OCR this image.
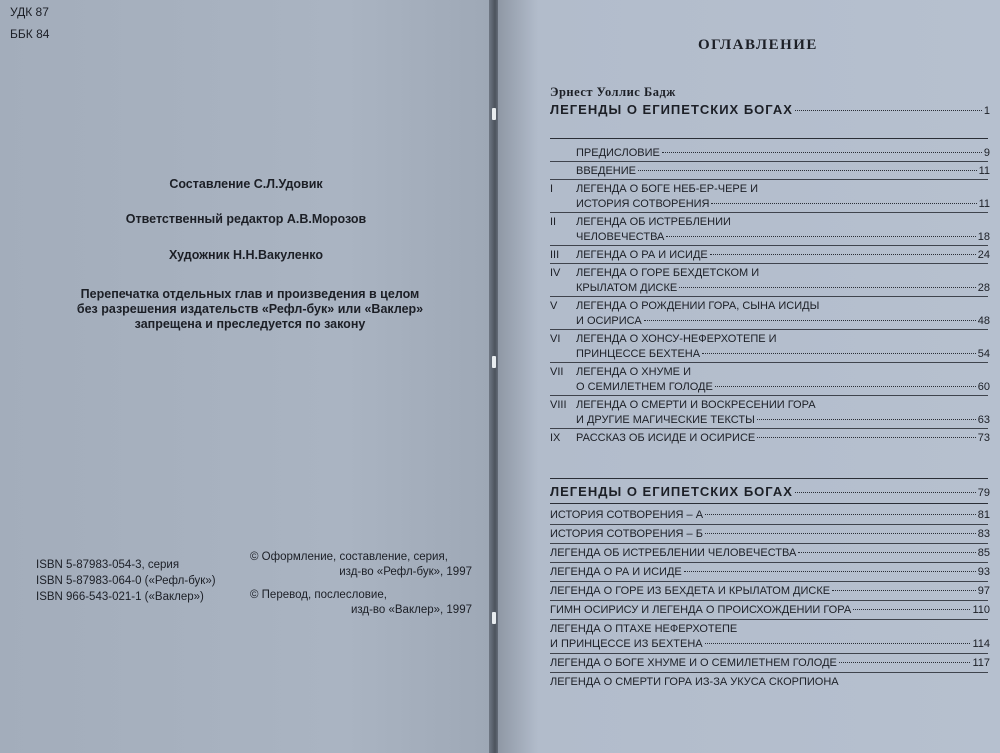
УДК 87
ББК 84
Составление С.Л.Удовик
Ответственный редактор А.В.Морозов
Художник Н.Н.Вакуленко
Перепечатка отдельных глав и произведения в целом
без разрешения издательств «Рефл-бук» или «Ваклер»
запрещена и преследуется по закону
ISBN 5-87983-054-3, серия
ISBN 5-87983-064-0 («Рефл-бук»)
ISBN 966-543-021-1 («Ваклер»)
© Оформление, составление, серия,
изд-во «Рефл-бук», 1997
© Перевод, послесловие,
изд-во «Ваклер», 1997
ОГЛАВЛЕНИЕ
Эрнест Уоллис Бадж
ЛЕГЕНДЫ О ЕГИПЕТСКИХ БОГАХ	1
ЛЕГЕНДЫ О ЕГИПЕТСКИХ БОГАХ	79
ПРЕДИСЛОВИЕ	9
ВВЕДЕНИЕ	11
I	ЛЕГЕНДА О БОГЕ НЕБ-ЕР-ЧЕРЕ И
ИСТОРИЯ СОТВОРЕНИЯ	11
II	ЛЕГЕНДА ОБ ИСТРЕБЛЕНИИ
ЧЕЛОВЕЧЕСТВА	18
III	ЛЕГЕНДА О РА И ИСИДЕ	24
IV	ЛЕГЕНДА О ГОРЕ БЕХДЕТСКОМ И
КРЫЛАТОМ ДИСКЕ	28
V	ЛЕГЕНДА О РОЖДЕНИИ ГОРА, СЫНА ИСИДЫ
И ОСИРИСА	48
VI	ЛЕГЕНДА О ХОНСУ-НЕФЕРХОТЕПЕ И
ПРИНЦЕССЕ БЕХТЕНА	54
VII	ЛЕГЕНДА О ХНУМЕ И
О СЕМИЛЕТНЕМ ГОЛОДЕ	60
VIII ЛЕГЕНДА О СМЕРТИ И ВОСКРЕСЕНИИ ГОРА
И ДРУГИЕ МАГИЧЕСКИЕ ТЕКСТЫ	63
IX	РАССКАЗ ОБ ИСИДЕ И ОСИРИСЕ	73
ИСТОРИЯ СОТВОРЕНИЯ – А	81
ИСТОРИЯ СОТВОРЕНИЯ – Б	83
ЛЕГЕНДА ОБ ИСТРЕБЛЕНИИ ЧЕЛОВЕЧЕСТВА	85
ЛЕГЕНДА О РА И ИСИДЕ	93
ЛЕГЕНДА О ГОРЕ ИЗ БЕХДЕТА И КРЫЛАТОМ ДИСКЕ	97
ГИМН ОСИРИСУ И ЛЕГЕНДА О ПРОИСХОЖДЕНИИ ГОРА	110
ЛЕГЕНДА О ПТАХЕ НЕФЕРХОТЕПЕ
И ПРИНЦЕССЕ ИЗ БЕХТЕНА	114
ЛЕГЕНДА О БОГЕ ХНУМЕ И О СЕМИЛЕТНЕМ ГОЛОДЕ	117
ЛЕГЕНДА О СМЕРТИ ГОРА ИЗ-ЗА УКУСА СКОРПИОНА
